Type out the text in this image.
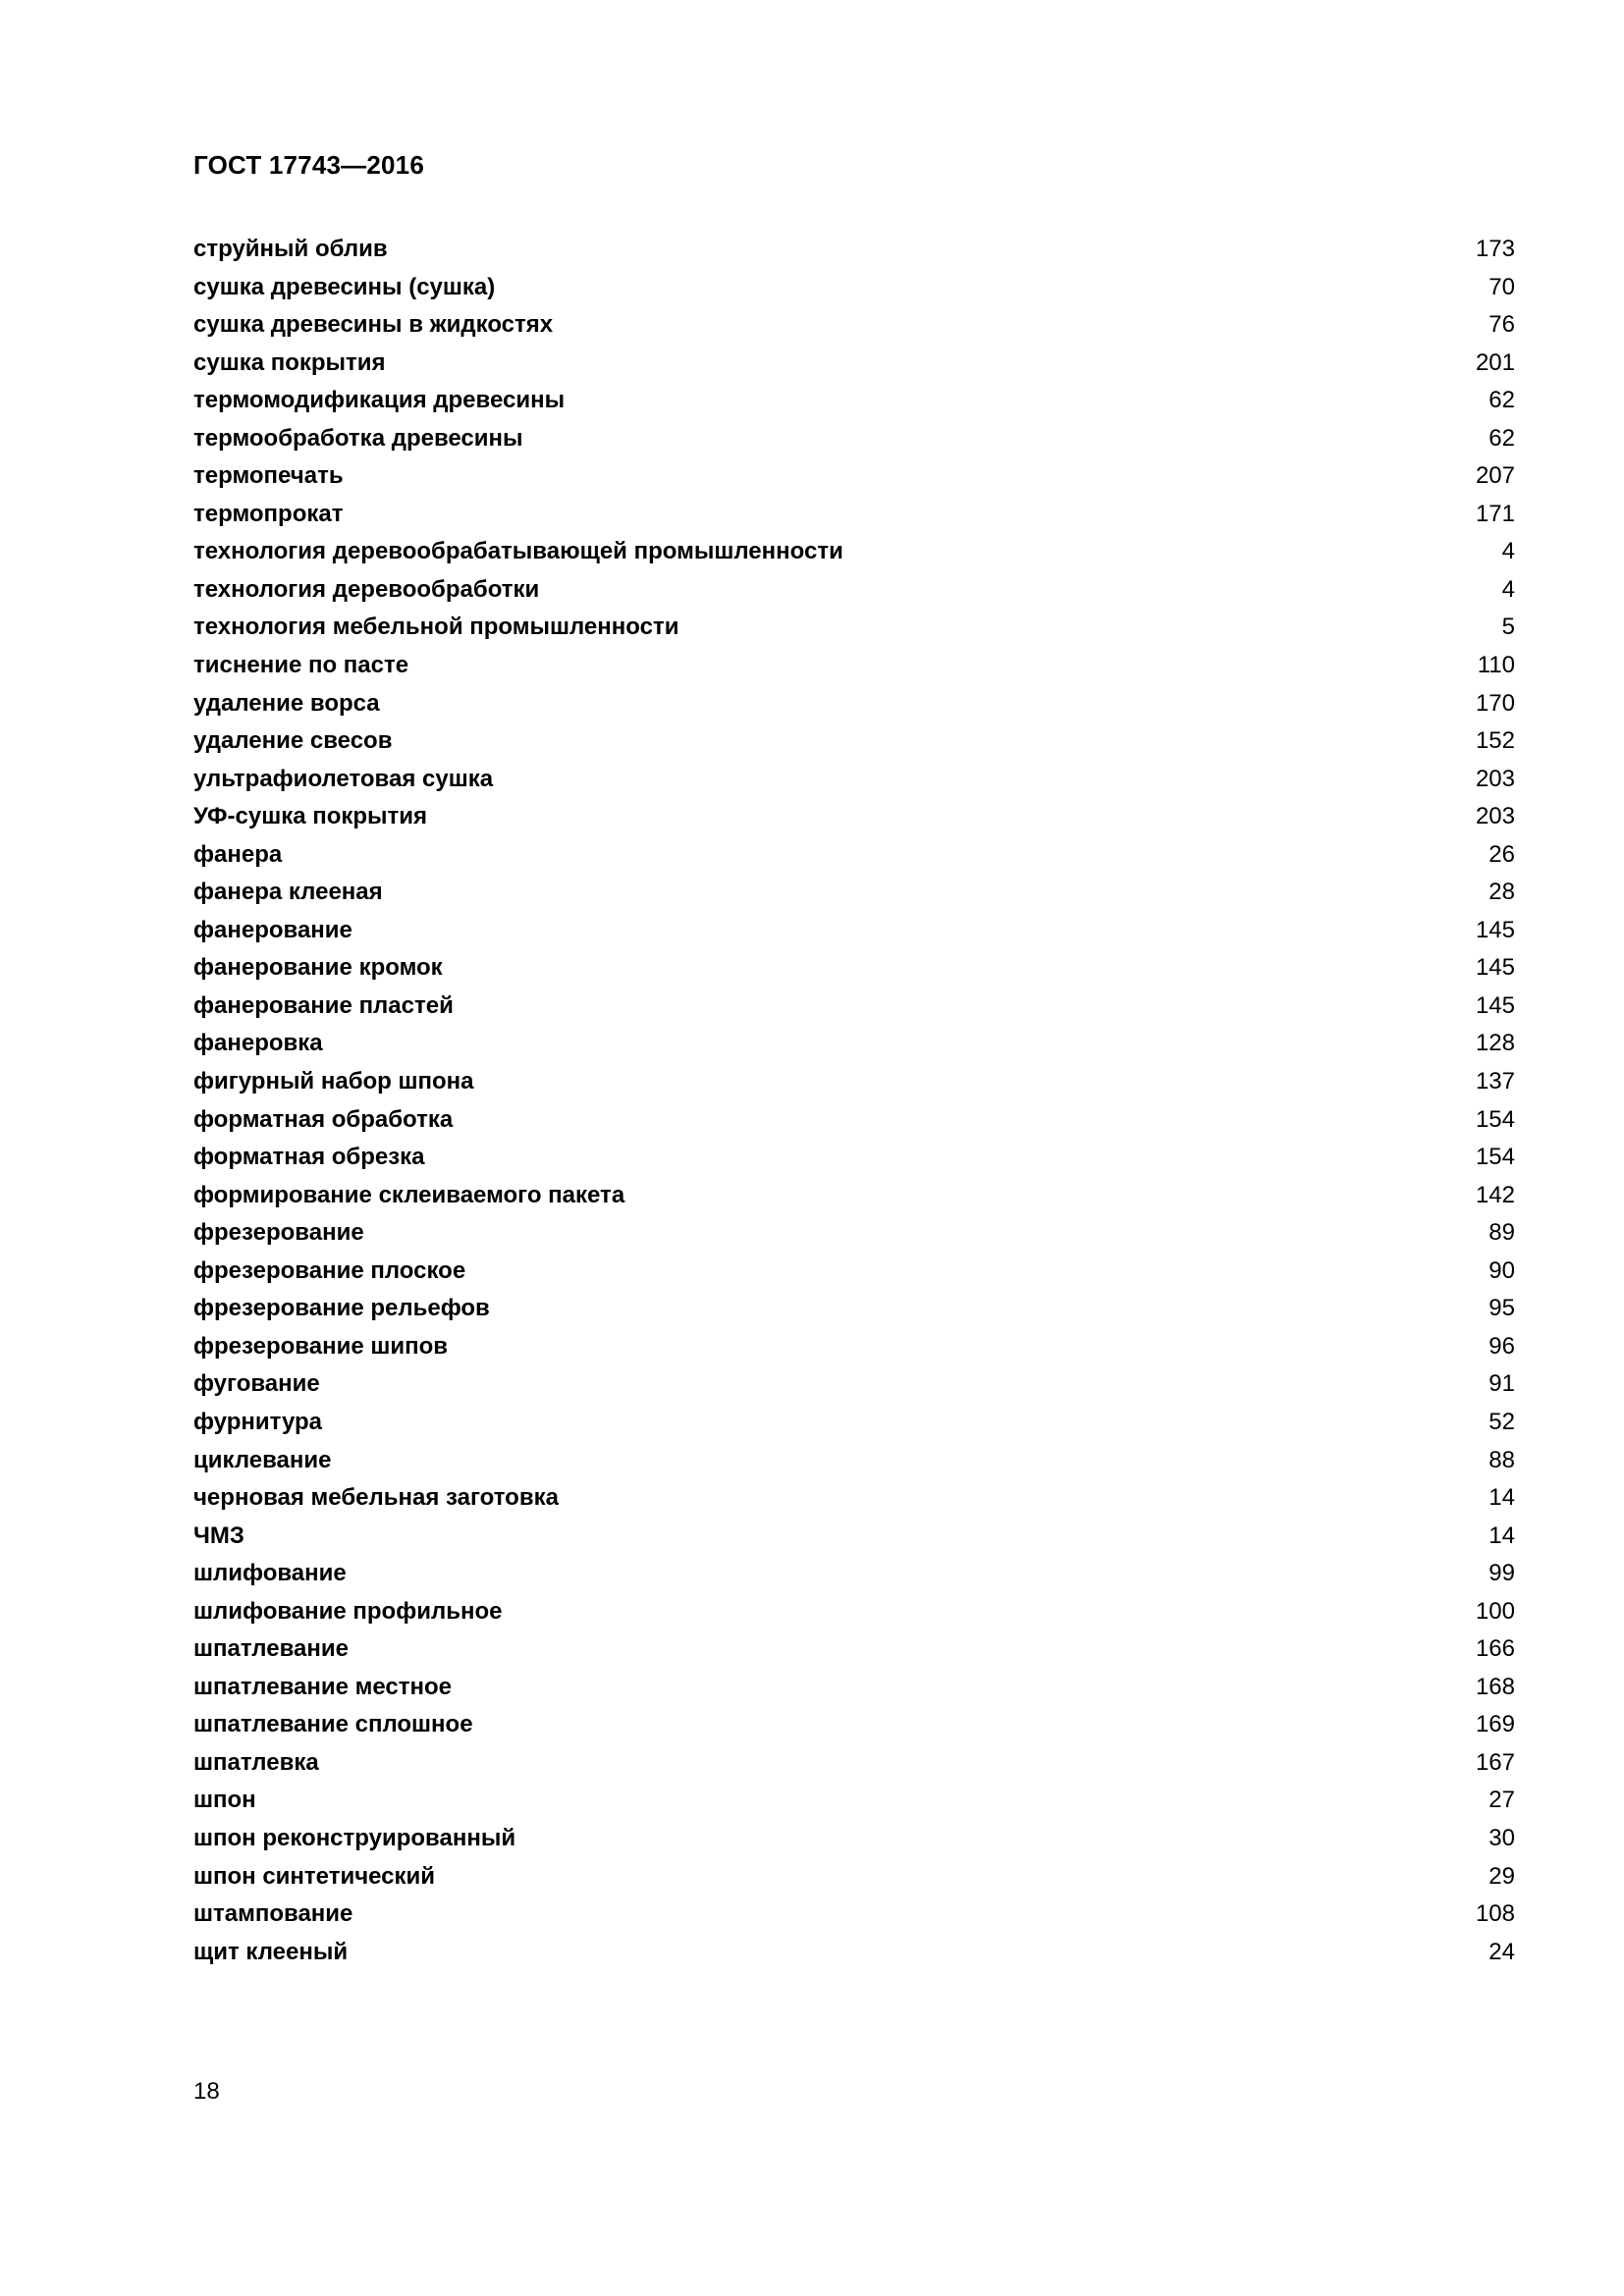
ГОСТ 17743—2016
струйный облив	173
сушка древесины (сушка)	70
сушка древесины в жидкостях	76
сушка покрытия	201
термомодификация древесины	62
термообработка древесины	62
термопечать	207
термопрокат	171
технология деревообрабатывающей промышленности	4
технология деревообработки	4
технология мебельной промышленности	5
тиснение по пасте	110
удаление ворса	170
удаление свесов	152
ультрафиолетовая сушка	203
УФ-сушка покрытия	203
фанера	26
фанера клееная	28
фанерование	145
фанерование кромок	145
фанерование пластей	145
фанеровка	128
фигурный набор шпона	137
форматная обработка	154
форматная обрезка	154
формирование склеиваемого пакета	142
фрезерование	89
фрезерование плоское	90
фрезерование рельефов	95
фрезерование шипов	96
фугование	91
фурнитура	52
циклевание	88
черновая мебельная заготовка	14
ЧМЗ	14
шлифование	99
шлифование профильное	100
шпатлевание	166
шпатлевание местное	168
шпатлевание сплошное	169
шпатлевка	167
шпон	27
шпон реконструированный	30
шпон синтетический	29
штампование	108
щит клееный	24
18
